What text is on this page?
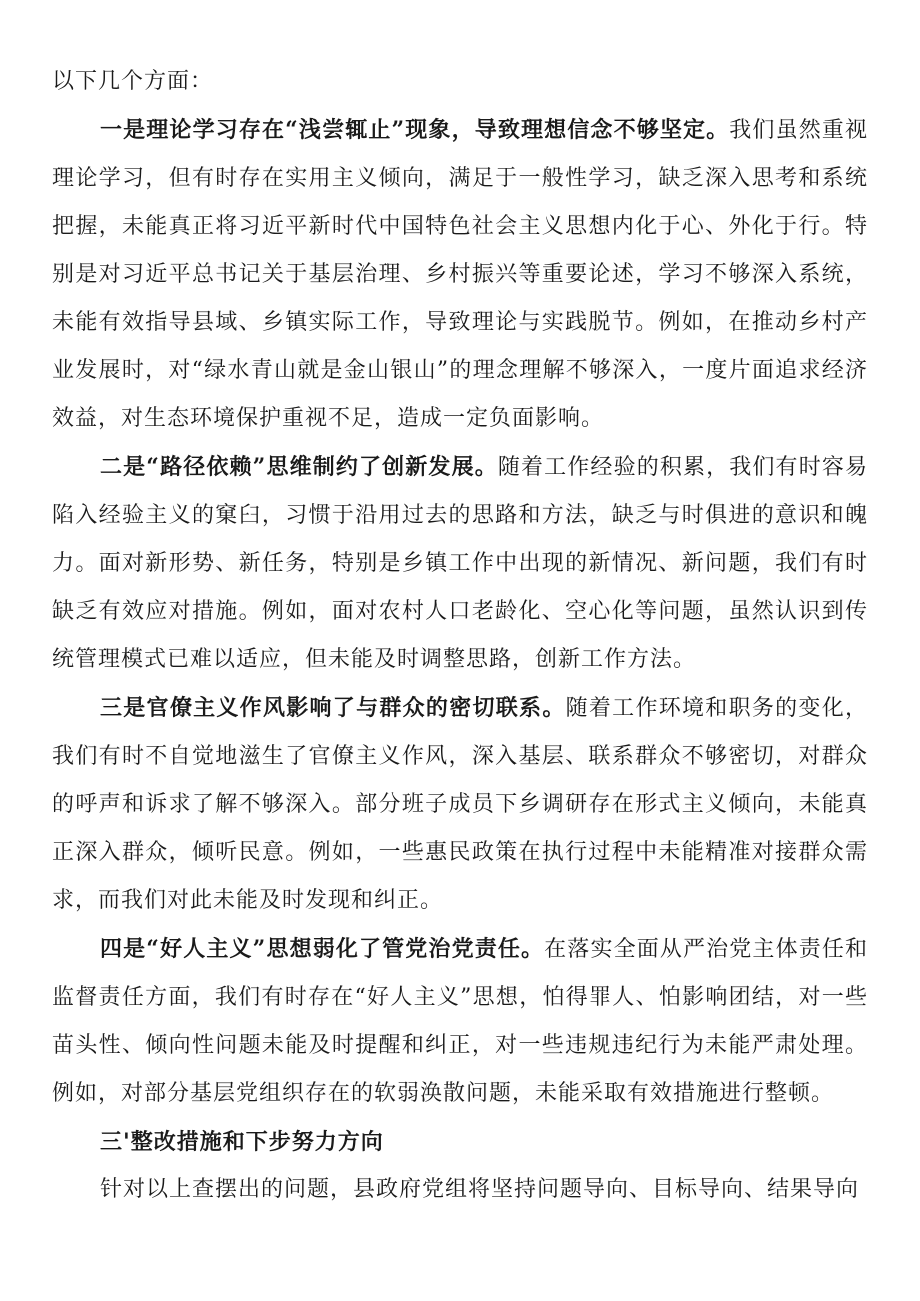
以下几个方面：

一是理论学习存在“浅尝辄止”现象，导致理想信念不够坚定。我们虽然重视理论学习，但有时存在实用主义倾向，满足于一般性学习，缺乏深入思考和系统把握，未能真正将习近平新时代中国特色社会主义思想内化于心、外化于行。特别是对习近平总书记关于基层治理、乡村振兴等重要论述，学习不够深入系统，未能有效指导县域、乡镇实际工作，导致理论与实践脱节。例如，在推动乡村产业发展时，对“绿水青山就是金山银山”的理念理解不够深入，一度片面追求经济效益，对生态环境保护重视不足，造成一定负面影响。

二是“路径依赖”思维制约了创新发展。随着工作经验的积累，我们有时容易陷入经验主义的窠臼，习惯于沿用过去的思路和方法，缺乏与时俱进的意识和魄力。面对新形势、新任务，特别是乡镇工作中出现的新情况、新问题，我们有时缺乏有效应对措施。例如，面对农村人口老龄化、空心化等问题，虽然认识到传统管理模式已难以适应，但未能及时调整思路，创新工作方法。

三是官僚主义作风影响了与群众的密切联系。随着工作环境和职务的变化，我们有时不自觉地滋生了官僚主义作风，深入基层、联系群众不够密切，对群众的呼声和诉求了解不够深入。部分班子成员下乡调研存在形式主义倾向，未能真正深入群众，倾听民意。例如，一些惠民政策在执行过程中未能精准对接群众需求，而我们对此未能及时发现和纠正。

四是“好人主义”思想弱化了管党治党责任。在落实全面从严治党主体责任和监督责任方面，我们有时存在“好人主义”思想，怕得罪人、怕影响团结，对一些苗头性、倾向性问题未能及时提醒和纠正，对一些违规违纪行为未能严肃处理。例如，对部分基层党组织存在的软弱涣散问题，未能采取有效措施进行整顿。

三'整改措施和下步努力方向

针对以上查摆出的问题，县政府党组将坚持问题导向、目标导向、结果导向
